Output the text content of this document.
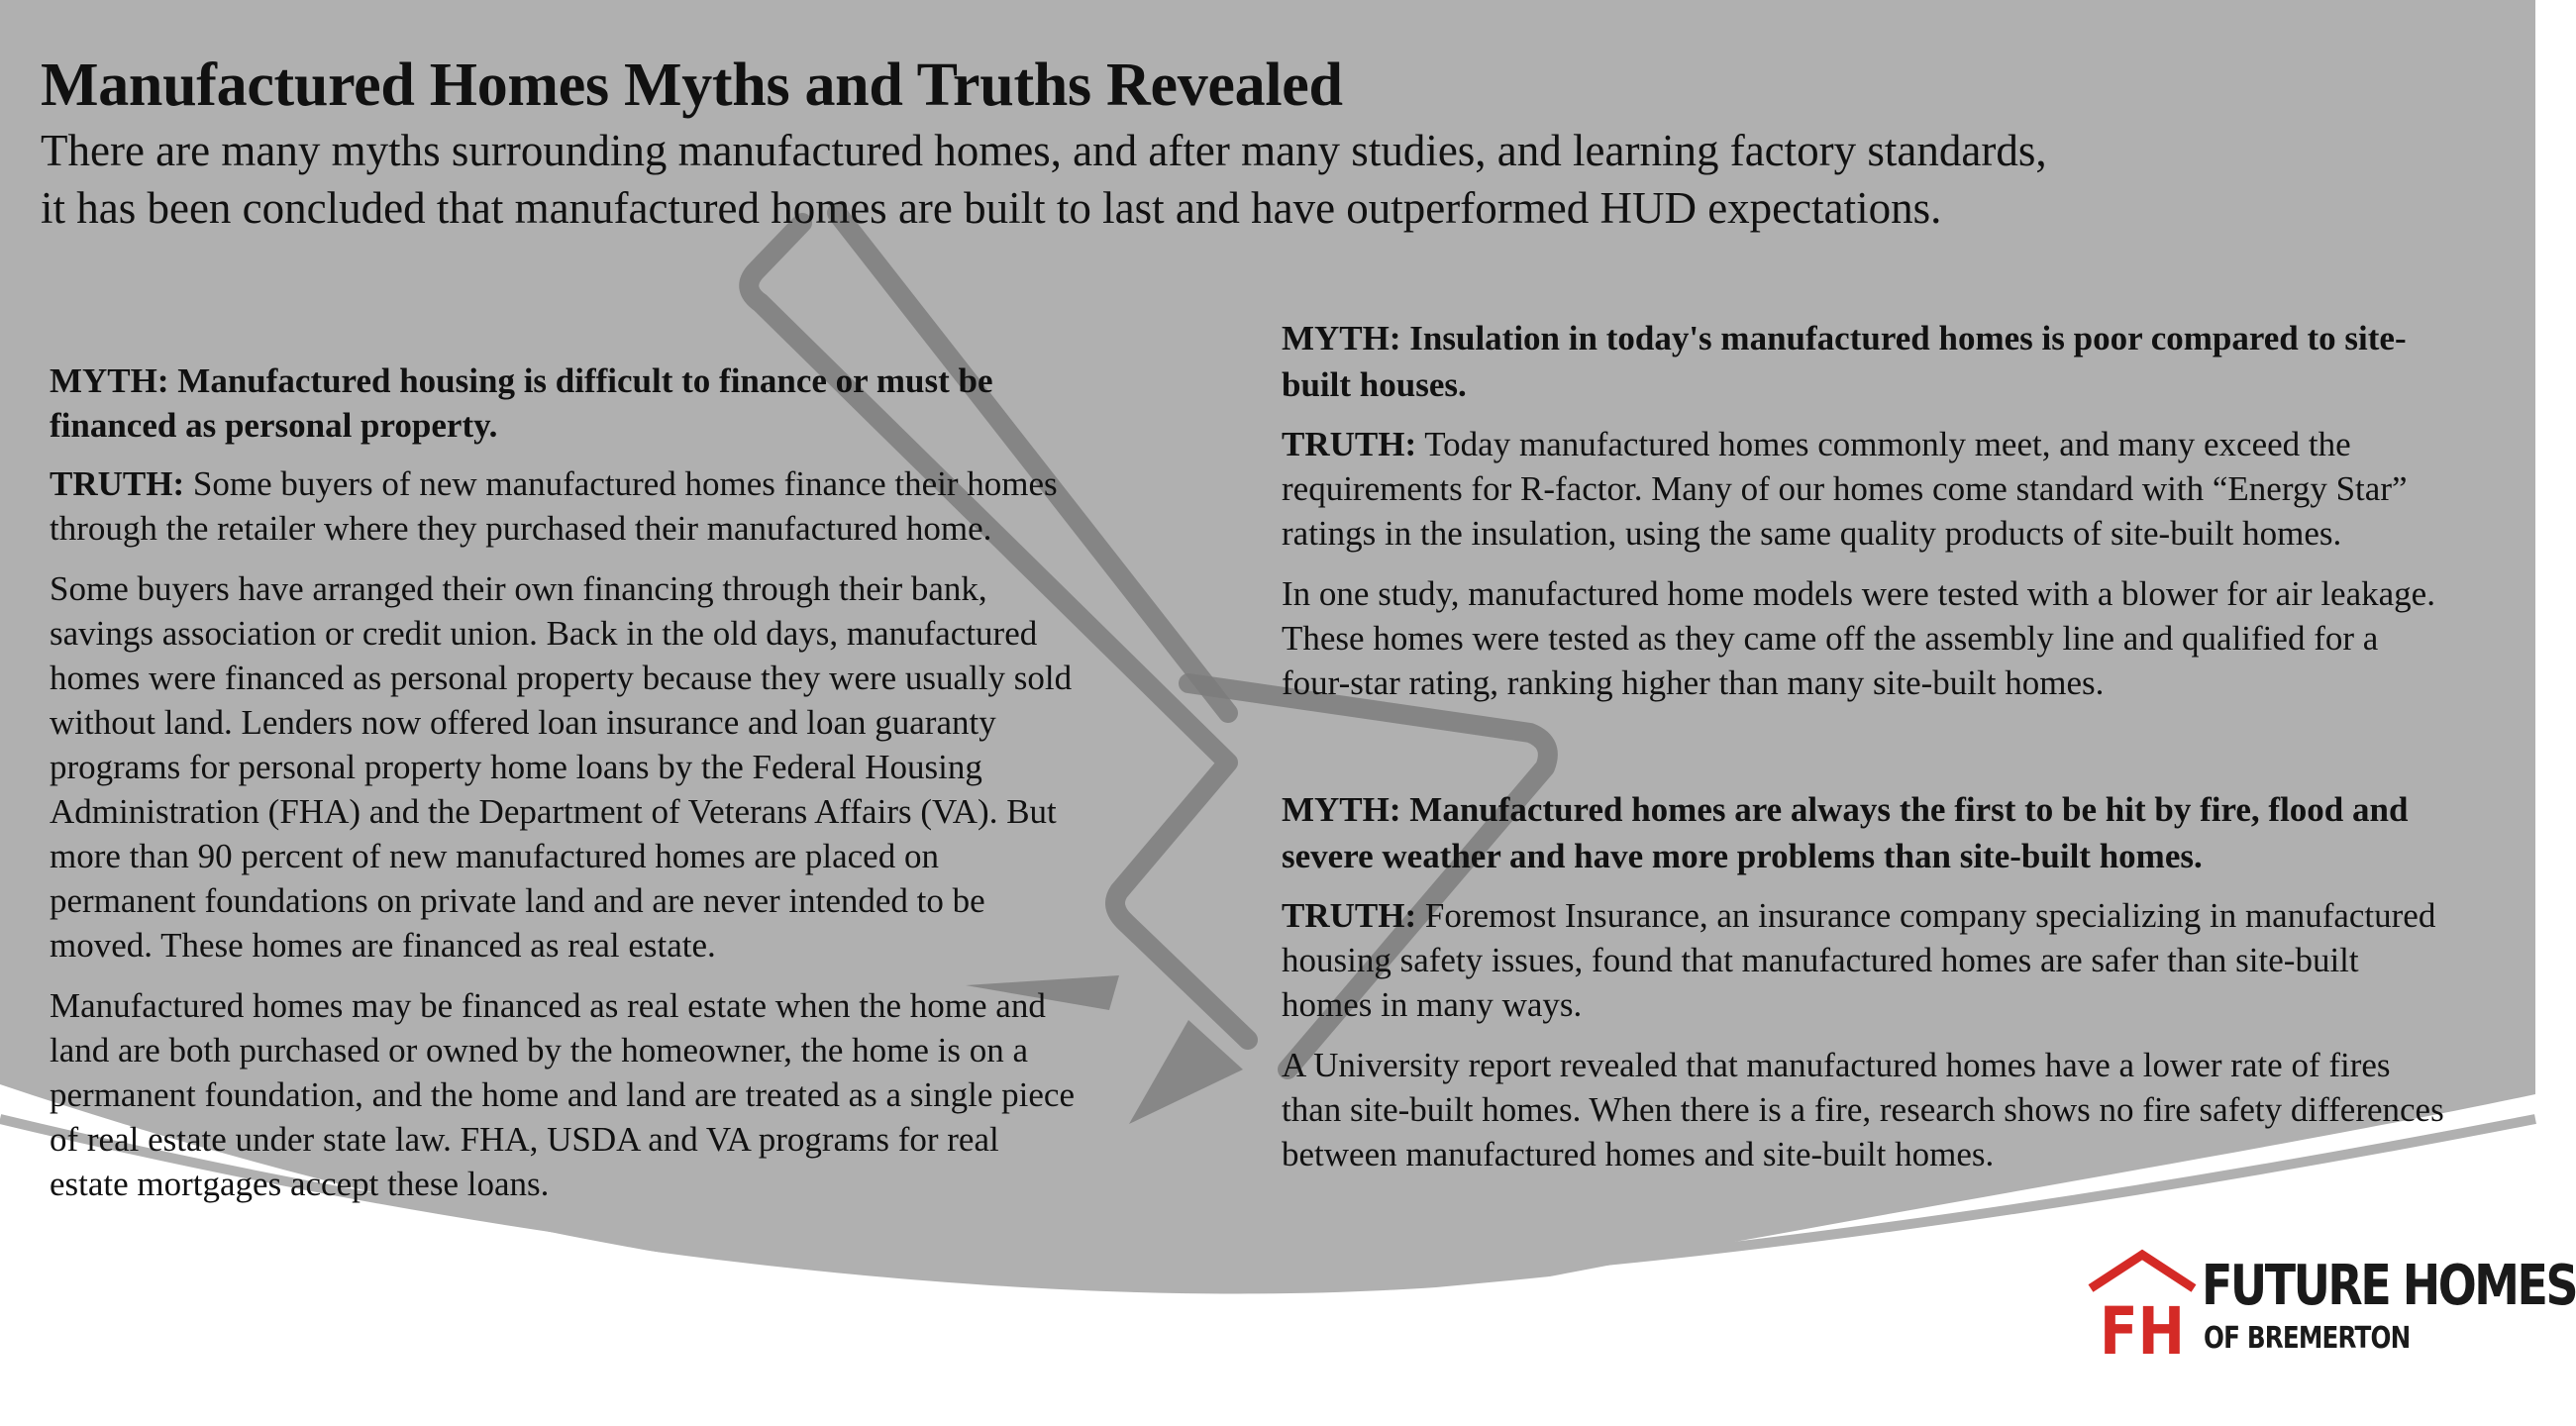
Manufactured Homes Myths and Truths Revealed

There are many myths surrounding manufactured homes, and after many studies, and learning factory standards, it has been concluded that manufactured homes are built to last and have outperformed HUD expectations.

MYTH: Manufactured housing is difficult to finance or must be financed as personal property.

TRUTH: Some buyers of new manufactured homes finance their homes through the retailer where they purchased their manufactured home.

Some buyers have arranged their own financing through their bank, savings association or credit union. Back in the old days, manufactured homes were financed as personal property because they were usually sold without land. Lenders now offered loan insurance and loan guaranty programs for personal property home loans by the Federal Housing Administration (FHA) and the Department of Veterans Affairs (VA). But more than 90 percent of new manufactured homes are placed on permanent foundations on private land and are never intended to be moved. These homes are financed as real estate.

Manufactured homes may be financed as real estate when the home and land are both purchased or owned by the homeowner, the home is on a permanent foundation, and the home and land are treated as a single piece of real estate under state law. FHA, USDA and VA programs for real estate mortgages accept these loans.

MYTH: Insulation in today's manufactured homes is poor compared to site-built houses.

TRUTH: Today manufactured homes commonly meet, and many exceed the requirements for R-factor. Many of our homes come standard with “Energy Star” ratings in the insulation, using the same quality products of site-built homes.

In one study, manufactured home models were tested with a blower for air leakage. These homes were tested as they came off the assembly line and qualified for a four-star rating, ranking higher than many site-built homes.

MYTH: Manufactured homes are always the first to be hit by fire, flood and severe weather and have more problems than site-built homes.

TRUTH: Foremost Insurance, an insurance company specializing in manufactured housing safety issues, found that manufactured homes are safer than site-built homes in many ways.

A University report revealed that manufactured homes have a lower rate of fires than site-built homes. When there is a fire, research shows no fire safety differences between manufactured homes and site-built homes.

FH

FUTURE HOMES

OF BREMERTON
